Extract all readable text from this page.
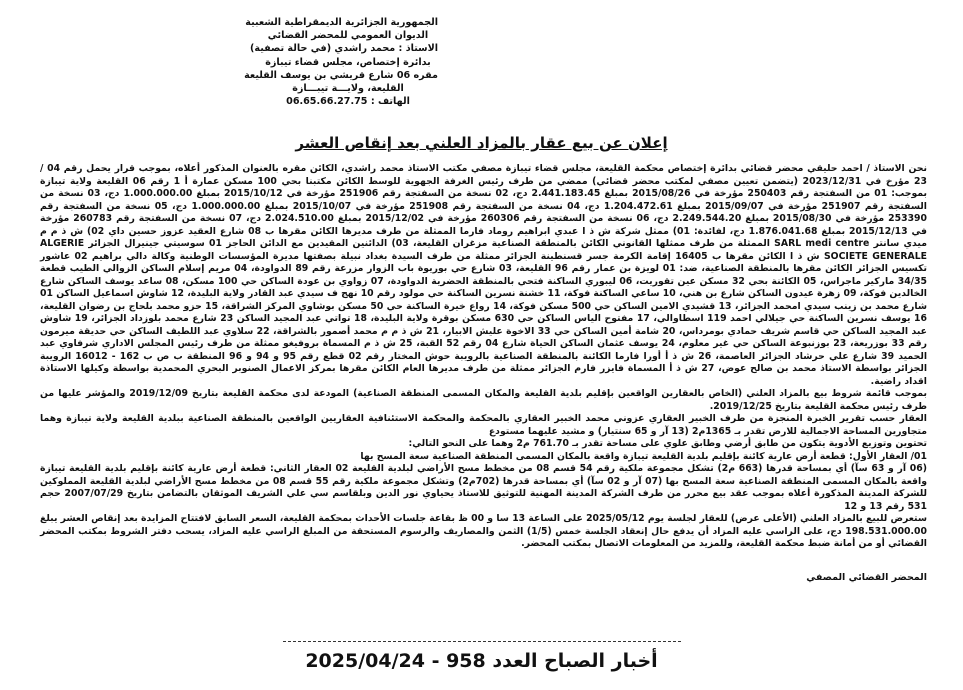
الجمهورية الجزائرية الديمقراطية الشعبية
الديوان العمومي للمحضر القضائي
الاستاذ : محمد راشدي (في حالة تصفية)
بدائرة إختصاص، مجلس قضاء تيبازة
مقره 06 شارع قريشي بن يوسف القليعة
القليعة، ولايـــة تيبـــازة
الهاتف : 06.65.66.27.75
إعلان عن بيع عقار بالمزاد العلني بعد إنقاص العشر

نحن الاستاذ / احمد حليقي محضر قضائي بدائرة إختصاص محكمة القليعة، مجلس قضاء تيبازة مصفي مكتب الاستاذ محمد راشدي، الكائن مقره بالعنوان المذكور أعلاه، بموجب قرار يحمل رقم 04 / 23 مؤرخ في 2023/12/31 (يتضمن تعيين مصفي لمكتب محضر قضائي) ممضي من طرف رئيس الغرفة الجهوية للوسط الكائن مكتبنا بحي 100 مسكن عمارة أ 1 رقم 06 القليعة ولاية تيبازة بموجب: 01 من السفتجة رقم 250403 مؤرخة في 2015/08/26 بمبلغ 2.441.183.45 دج، 02 نسخة من السفتجة رقم 251906 مؤرخة في 2015/10/12 بمبلغ 1.000.000.00 دج، 03 نسخة من السفتجة رقم 251907 مؤرخة في 2015/09/07 بمبلغ 1.204.472.61 دج، 04 نسخة من السفتجة رقم 251908 مؤرخة في 2015/10/07 بمبلغ 1.000.000.00 دج، 05 نسخة من السفتجة رقم 253390 مؤرخة في 2015/08/30 بمبلغ 2.249.544.20 دج، 06 نسخة من السفتجة رقم 260306 مؤرخة في 2015/12/02 بمبلغ 2.024.510.00 دج، 07 نسخة من السفتجة رقم 260783 مؤرخة في 2015/12/13 بمبلغ 1.876.041.68 دج، لفائدة: 01) ممثل شركة ش ذ ا عبدي ابراهيم روماد فارما الممثلة من طرف مديرها الكائن مقرها ب 08 شارع العقيد عزوز حسين داي 02) ش ذ م م ميدي سانتر SARL medi centre الممثلة من طرف ممثلها القانوني الكائن بالمنطقة الصناعية مزغران القليعة، 03) الدائنين المقيدين مع الدائن الحاجز 01 سوسيتي جينيرال الجزائر ALGERIE SOCIETE GENERALE ش ذ ا الكائن مقرها ب 16405 إقامة الكرمة جسر قسنطينة الجزائر ممثلة من طرف السيدة بغداد نبيلة بصفتها مديرة المؤسسات الوطنية وكالة دالي براهيم 02 عاشور تكسيس الجزائر الكائن مقرها بالمنطقة الصناعية، ضد: 01 لويزة بن عمار رقم 96 القليعة، 03 شارع حي بوريوة باب الزوار مزرعة رقم 89 الدواودة، 04 مريم إسلام الساكن الزوالي الطيب قطعة 34/35 ماركير ماجراس، 05 الكائنة بحي 32 مسكن عين تقوريت، 06 ليبوري الساكنة فتحي بالمنطقة الحضرية الدواودة، 07 زواوي بن عودة الساكن حي 100 مسكن، 08 ساعد يوسف الساكن شارع الخالدين فوكة، 09 زهرة عيدون الساكن شارع بن هني، 10 ساعي الساكنة فوكة، 11 خشنة نسرين الساكنة حي مولود رقم 10 نهج ف سيدي عبد القادر ولاية البليدة، 12 شاوش اسماعيل الساكن 01 شارع محمد بن زينب سيدي امحمد الجزائر، 13 قشيدي الامين الساكن حي 500 مسكن فوكة، 14 رواع خيرة الساكنة حي 50 مسكن بوشاوي المركز الشراقة، 15 حزو محمد بلحاج بن رضوان القليعة، 16 يوسف نسرين الساكنة حي جيلالي احمد 119 اسطاوالي، 17 مفتوح الياس الساكن حي 630 مسكن بوقرة ولاية البليدة، 18 تواتي عبد المجيد الساكن 23 شارع محمد بلوزداد الجزائر، 19 شاوش عبد المجيد الساكن حي قاسم شريف حمادي بومرداس، 20 شامة أمين الساكن حي 33 الاخوة عليش الابيار، 21 ش ذ م م محمد أصمور بالشراقة، 22 سلاوي عبد اللطيف الساكن حي حديقة ميرمون رقم 33 بوزريعة، 23 بوزنبوعة الساكن حي غير معلوم، 24 يوسف عثمان الساكن الحياة شارع 04 رقم 52 القبة، 25 ش ذ م المسماة بروفيغو ممثلة من طرف رئيس المجلس الاداري شرفاوي عبد الحميد 39 شارع علي حرشاد الجزائر العاصمة، 26 ش ذ أ أورا فارما الكائنة بالمنطقة الصناعية بالرويبة حوش المختار رقم 02 قطع رقم 95 و 94 و 96 المنطقة ب ص ب 162 - 16012 الرويبة الجزائر بواسطة الاستاذ محمد بن صالح عوض، 27 ش ذ أ المسماة فايزر فارم الجزائر ممثلة من طرف مديرها العام الكائن مقرها بمركز الاعمال الصنوبر البحري المحمدية بواسطة وكيلها الاستاذة اقداد راضية.

بموجب قائمة شروط بيع بالمزاد العلني (الخاص بالعقارين الواقعين بإقليم بلدية القليعة والمكان المسمى المنطقة الصناعية) المودعة لدى محكمة القليعة بتاريخ 2019/12/09 والمؤشر عليها من طرف رئيس محكمة القليعة بتاريخ 2019/12/25.

العقار حسب تقرير الخبرة المنجزة من طرف الخبير العقاري عزوني محمد الخبير العقاري بالمحكمة والمحكمة الاستئنافية العقاريين الواقعين بالمنطقة الصناعية ببلدية القليعة ولاية تيبازة وهما متجاورين المساحة الاجمالية للارض تقدر بـ 1365م2 (13 آر و 65 سنتيار) و مشيد عليهما مستودع

تحتوين وتوزيع الأدوية يتكون من طابق أرضي وطابق علوي على مساحة تقدر بـ 761.70 م2 وهما على النحو التالي:

01/ العقار الأول: قطعة أرض عارية كائنة بإقليم بلدية القليعة تيبازة واقعة بالمكان المسمى المنطقة الصناعية سعة المسح بها

(06 آر و 63 سآ) أي بمساحة قدرها (663 م2) تشكل مجموعة ملكية رقم 54 قسم 08 من مخطط مسح الأراضي لبلدية القليعة 02 العقار الثاني: قطعة أرض عارية كائنة بإقليم بلدية القليعة تيبازة واقعة بالمكان المسمى المنطقة الصناعية سعة المسح بها (07 آر و 02 سآ) أي بمساحة قدرها (702م2) وتشكل مجموعة ملكية رقم 55 قسم 08 من مخطط مسح الأراضي لبلدية القليعة المملوكين للشركة المدينة المذكورة أعلاه بموجب عقد بيع محرر من طرف الشركة المدينة المهنية للتوثيق للاستاذ يحياوي نور الدين وبلقاسم سي علي الشريف الموثقان بالتضامن بتاريخ 2007/07/29 حجم 531 رقم 13 و 12

ستعرض للبيع بالمزاد العلني (الأعلى عرض) للعقار لجلسة يوم 2025/05/12 على الساعة 13 سا و 00 ظ بقاعة جلسات الأحداث بمحكمة القليعة، السعر السابق لافتتاح المزايدة بعد إنقاص العشر يبلغ 198.531.000.00 دج، على الراسي عليه المزاد أن يدفع حال إنعقاد الجلسة خمس (1/5) الثمن والمصاريف والرسوم المستحقة من المبلغ الراسي عليه المزاد، يسحب دفتر الشروط بمكتب المحضر القضائي أو من أمانة ضبط محكمة القليعة، وللمزيد من المعلومات الاتصال بمكتب المحضر.

المحضر القضائي المصفي
أخبار الصباح العدد 958 - 2025/04/24
